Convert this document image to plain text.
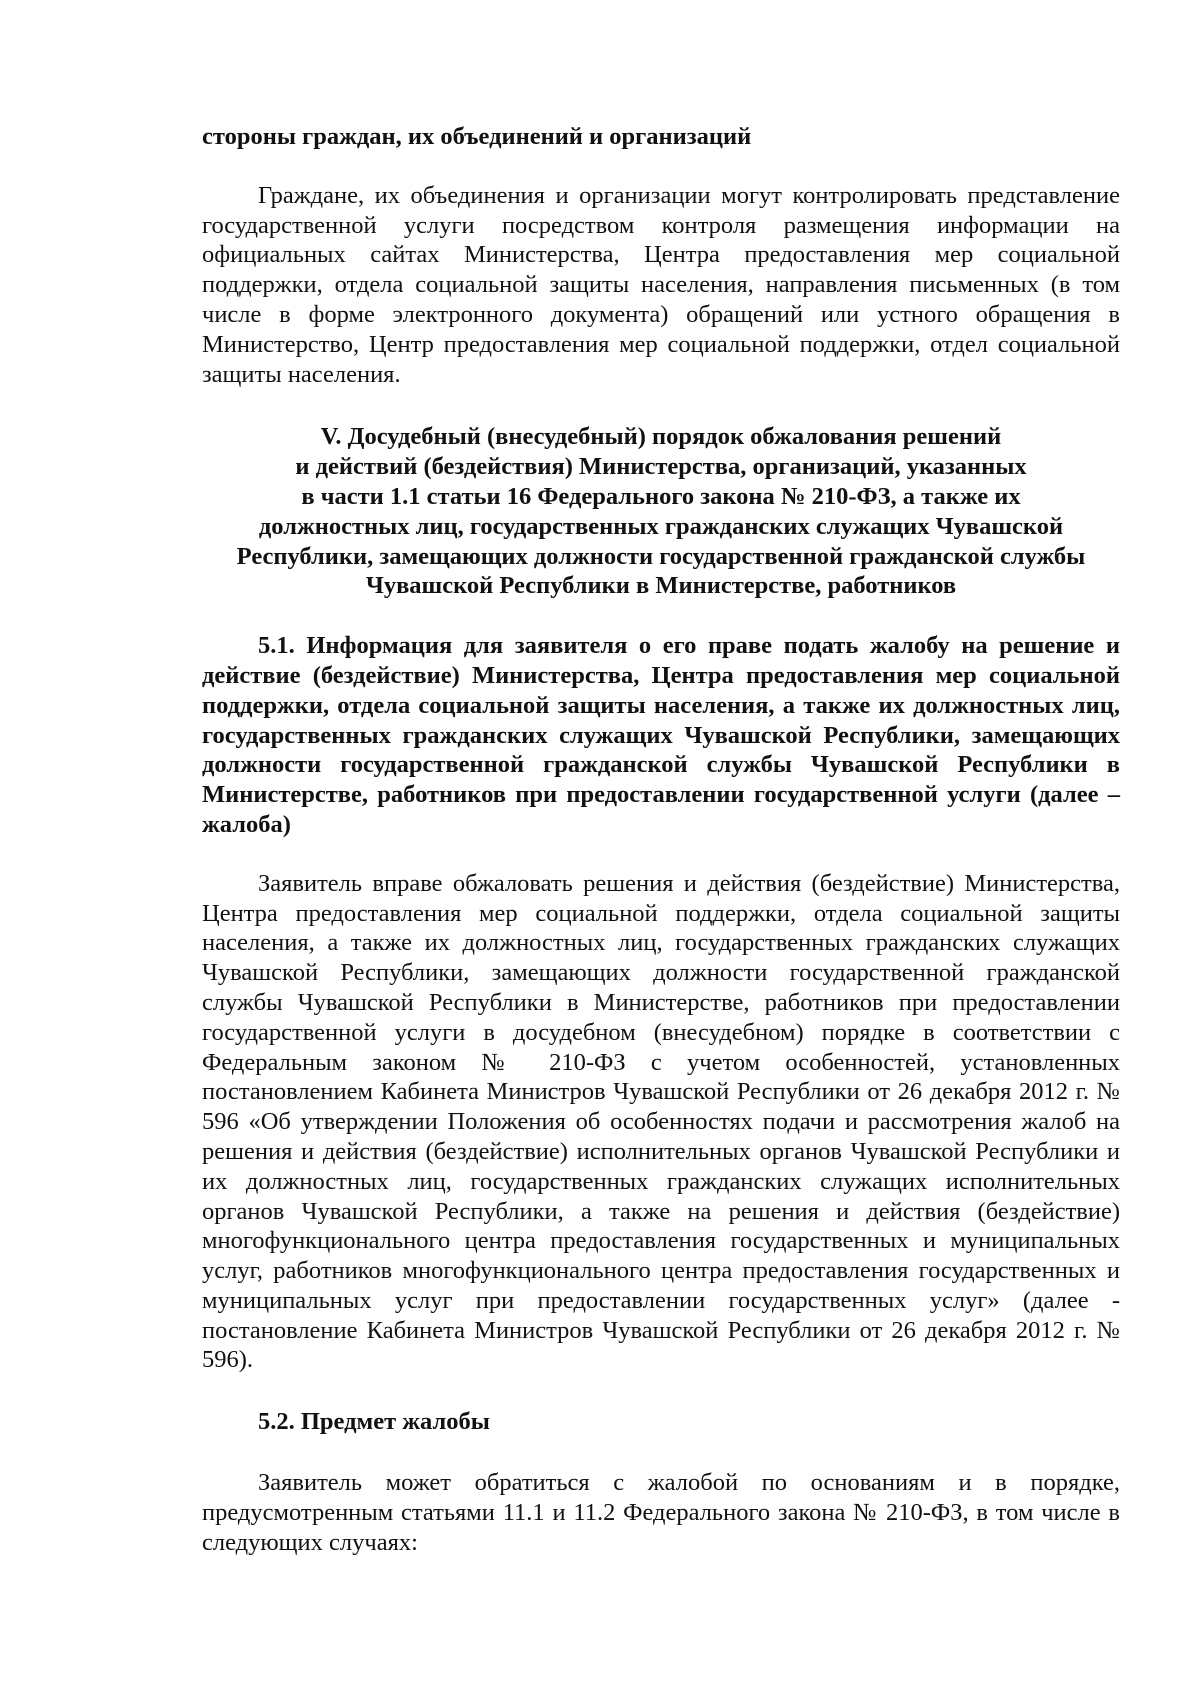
стороны граждан, их объединений и организаций

Граждане, их объединения и организации могут контролировать представление государственной услуги посредством контроля размещения информации на официальных сайтах Министерства, Центра предоставления мер социальной поддержки, отдела социальной защиты населения, направления письменных (в том числе в форме электронного документа) обращений или устного обращения в Министерство, Центр предоставления мер социальной поддержки, отдел социальной защиты населения.

V. Досудебный (внесудебный) порядок обжалования решений

и действий (бездействия) Министерства, организаций, указанных

в части 1.1 статьи 16 Федерального закона № 210-ФЗ, а также их

должностных лиц, государственных гражданских служащих Чувашской

Республики, замещающих должности государственной гражданской службы

Чувашской Республики в Министерстве, работников

5.1. Информация для заявителя о его праве подать жалобу на решение и действие (бездействие) Министерства, Центра предоставления мер социальной поддержки, отдела социальной защиты населения, а также их должностных лиц, государственных гражданских служащих Чувашской Республики, замещающих должности государственной гражданской службы Чувашской Республики в Министерстве, работников при предоставлении государственной услуги (далее – жалоба)

Заявитель вправе обжаловать решения и действия (бездействие) Министерства, Центра предоставления мер социальной поддержки, отдела социальной защиты населения, а также их должностных лиц, государственных гражданских служащих Чувашской Республики, замещающих должности государственной гражданской службы Чувашской Республики в Министерстве, работников при предоставлении государственной услуги в досудебном (внесудебном) порядке в соответствии с Федеральным законом № 210-ФЗ с учетом особенностей, установленных постановлением Кабинета Министров Чувашской Республики от 26 декабря 2012 г. № 596 «Об утверждении Положения об особенностях подачи и рассмотрения жалоб на решения и действия (бездействие) исполнительных органов Чувашской Республики и их должностных лиц, государственных гражданских служащих исполнительных органов Чувашской Республики, а также на решения и действия (бездействие) многофункционального центра предоставления государственных и муниципальных услуг, работников многофункционального центра предоставления государственных и муниципальных услуг при предоставлении государственных услуг» (далее - постановление Кабинета Министров Чувашской Республики от 26 декабря 2012 г. № 596).

5.2. Предмет жалобы

Заявитель может обратиться с жалобой по основаниям и в порядке, предусмотренным статьями 11.1 и 11.2 Федерального закона № 210-ФЗ, в том числе в следующих случаях:
